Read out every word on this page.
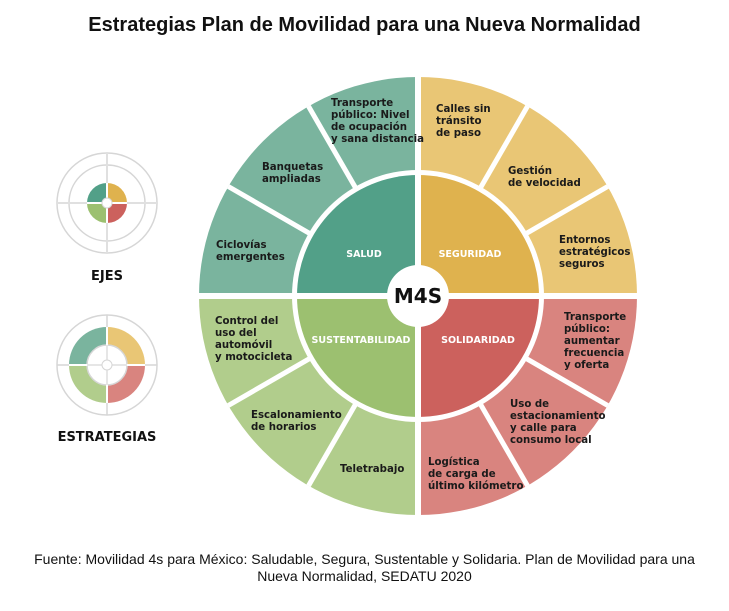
Estrategias Plan de Movilidad para una Nueva Normalidad
M4S
SALUD	SEGURIDAD
SUSTENTABILIDAD	SOLIDARIDAD
Transporte público: Nivel de ocupación y sana distancia
Banquetas ampliadas
Ciclovías emergentes
Calles sin tránsito de paso
Gestión de velocidad
Entornos estratégicos seguros
Transporte público: aumentar frecuencia y oferta
Uso de estacionamiento y calle para consumo local
Logística de carga de último kilómetro
Teletrabajo
Escalonamiento de horarios
Control del uso del automóvil y motocicleta
EJES
ESTRATEGIAS
Fuente: Movilidad 4s para México: Saludable, Segura, Sustentable y Solidaria. Plan de Movilidad para una Nueva Normalidad, SEDATU 2020
